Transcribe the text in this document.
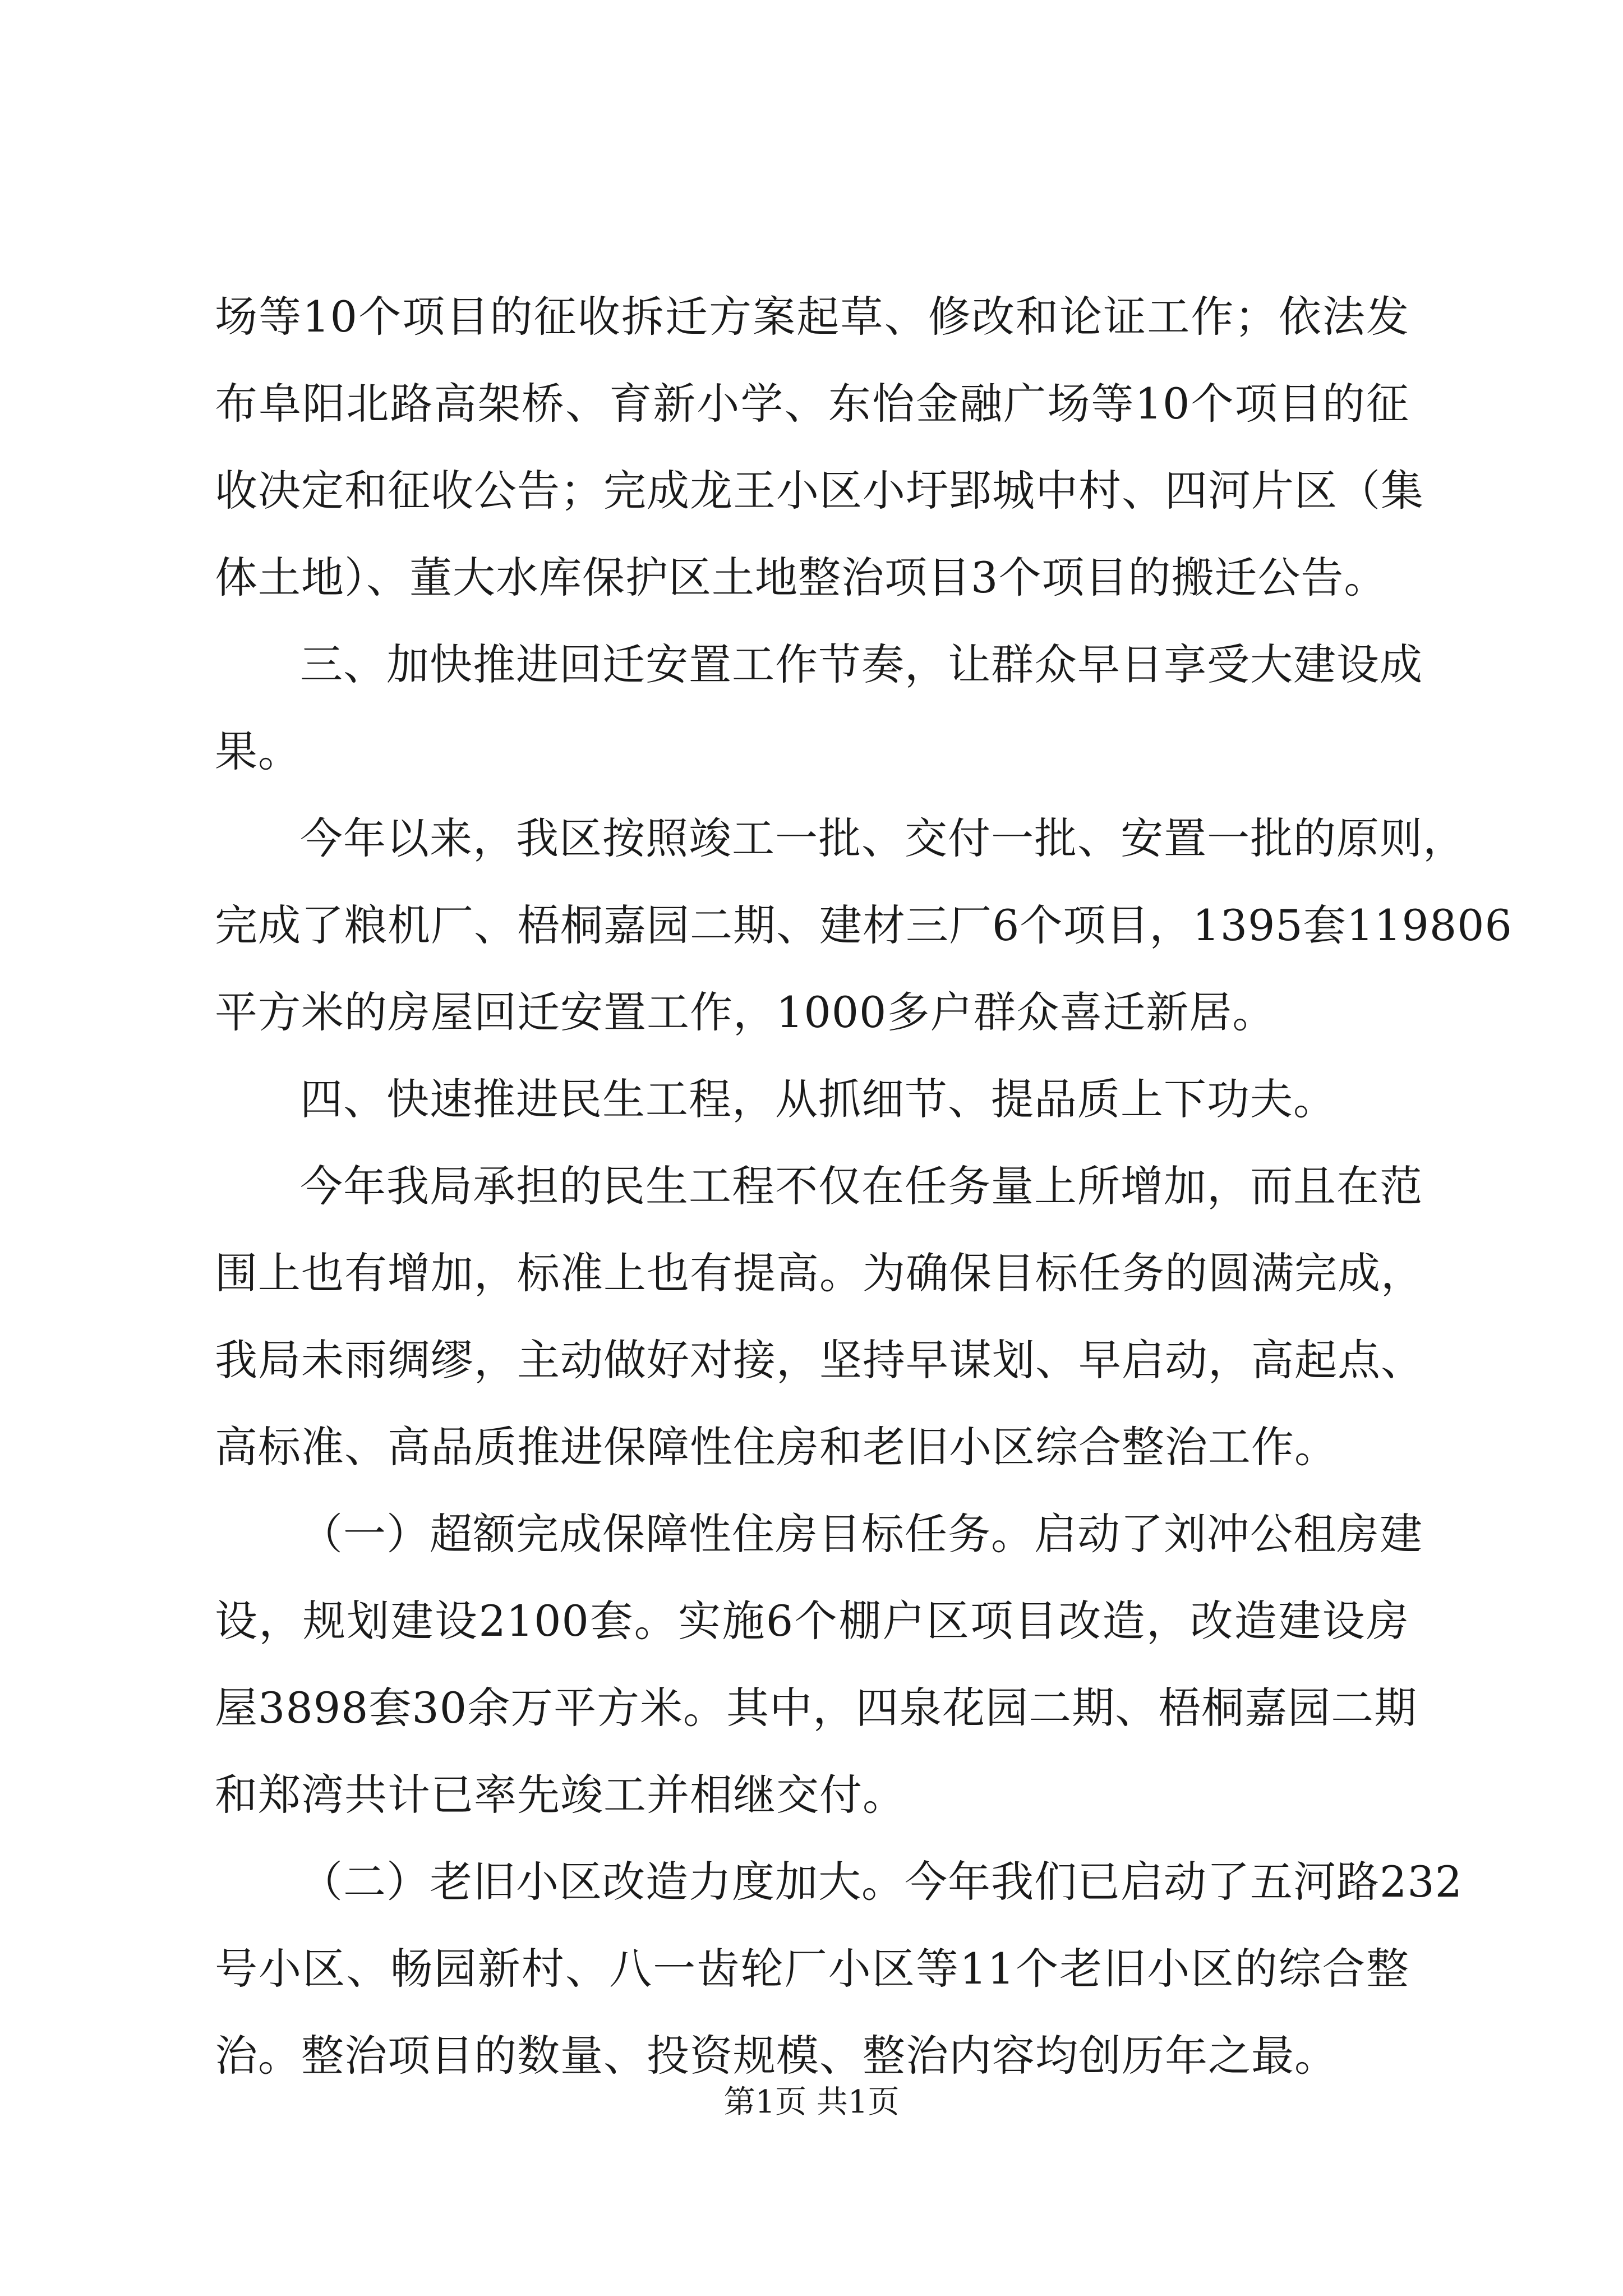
场等10个项目的征收拆迁方案起草、修改和论证工作；依法发
布阜阳北路高架桥、育新小学、东怡金融广场等10个项目的征
收决定和征收公告；完成龙王小区小圩郢城中村、四河片区（集
体土地）、董大水库保护区土地整治项目3个项目的搬迁公告。
三、加快推进回迁安置工作节奏，让群众早日享受大建设成
果。
今年以来，我区按照竣工一批、交付一批、安置一批的原则，
完成了粮机厂、梧桐嘉园二期、建材三厂6个项目，1395套119806
平方米的房屋回迁安置工作，1000多户群众喜迁新居。
四、快速推进民生工程，从抓细节、提品质上下功夫。
今年我局承担的民生工程不仅在任务量上所增加，而且在范
围上也有增加，标准上也有提高。为确保目标任务的圆满完成，
我局未雨绸缪，主动做好对接，坚持早谋划、早启动，高起点、
高标准、高品质推进保障性住房和老旧小区综合整治工作。
（一）超额完成保障性住房目标任务。启动了刘冲公租房建
设，规划建设2100套。实施6个棚户区项目改造，改造建设房
屋3898套30余万平方米。其中，四泉花园二期、梧桐嘉园二期
和郑湾共计已率先竣工并相继交付。
（二）老旧小区改造力度加大。今年我们已启动了五河路232
号小区、畅园新村、八一齿轮厂小区等11个老旧小区的综合整
治。整治项目的数量、投资规模、整治内容均创历年之最。
第1页 共1页
